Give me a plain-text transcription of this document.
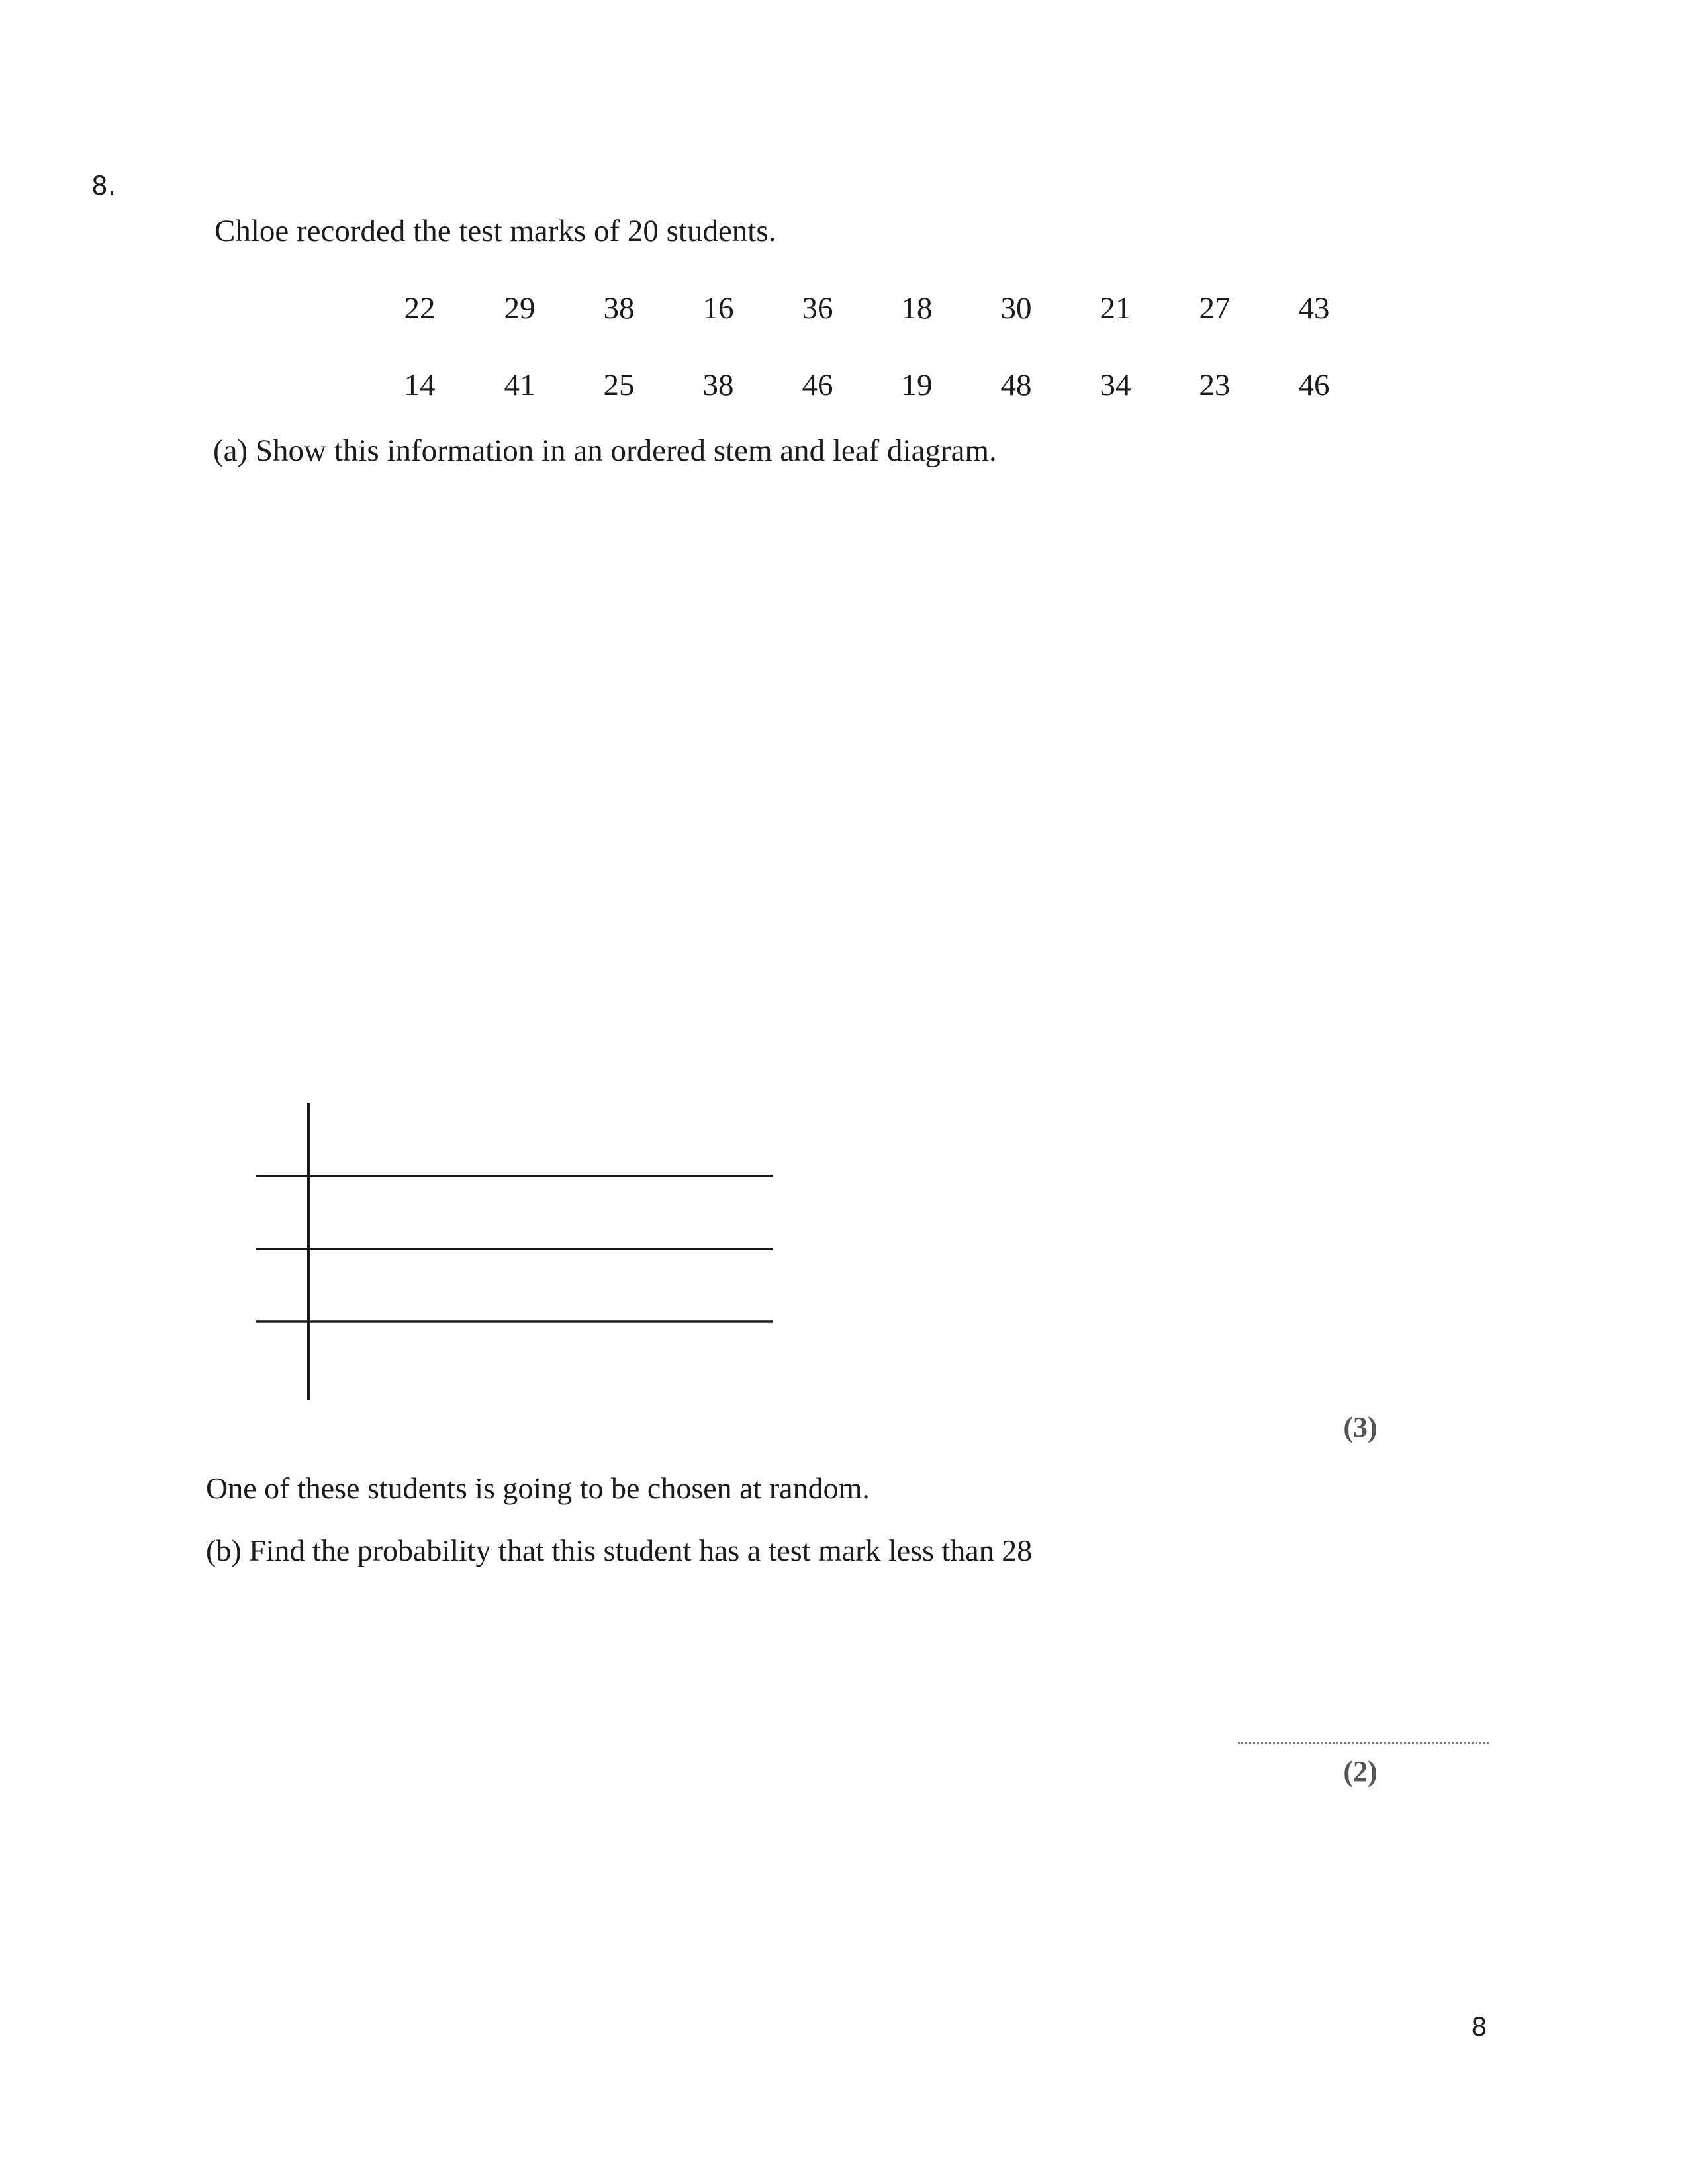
8.
Chloe recorded the test marks of 20 students.
22	29	38	16	36	18	30	21	27	43
14	41	25	38	46	19	48	34	23	46
(a) Show this information in an ordered stem and leaf diagram.
(3)
One of these students is going to be chosen at random.
(b) Find the probability that this student has a test mark less than 28
(2)
8
